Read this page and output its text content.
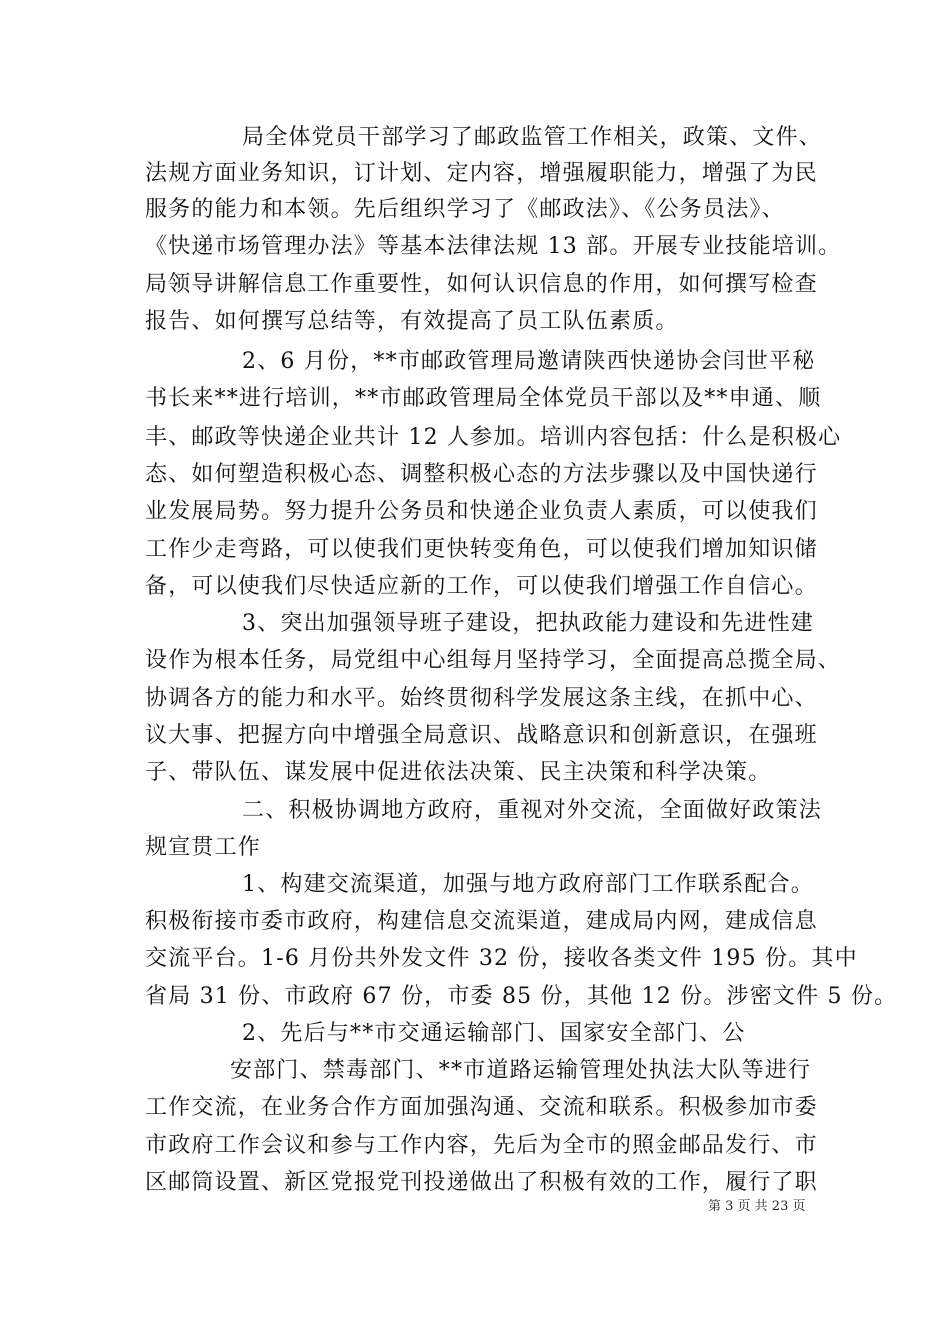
局全体党员干部学习了邮政监管工作相关，政策、文件、
法规方面业务知识，订计划、定内容，增强履职能力，增强了为民
服务的能力和本领。先后组织学习了《邮政法》、《公务员法》、
《快递市场管理办法》等基本法律法规 13 部。开展专业技能培训。
局领导讲解信息工作重要性，如何认识信息的作用，如何撰写检查
报告、如何撰写总结等，有效提高了员工队伍素质。
2、6 月份，**市邮政管理局邀请陕西快递协会闫世平秘
书长来**进行培训，**市邮政管理局全体党员干部以及**申通、顺
丰、邮政等快递企业共计 12 人参加。培训内容包括：什么是积极心
态、如何塑造积极心态、调整积极心态的方法步骤以及中国快递行
业发展局势。努力提升公务员和快递企业负责人素质，可以使我们
工作少走弯路，可以使我们更快转变角色，可以使我们增加知识储
备，可以使我们尽快适应新的工作，可以使我们增强工作自信心。
3、突出加强领导班子建设，把执政能力建设和先进性建
设作为根本任务，局党组中心组每月坚持学习，全面提高总揽全局、
协调各方的能力和水平。始终贯彻科学发展这条主线，在抓中心、
议大事、把握方向中增强全局意识、战略意识和创新意识，在强班
子、带队伍、谋发展中促进依法决策、民主决策和科学决策。
二、积极协调地方政府，重视对外交流，全面做好政策法
规宣贯工作
1、构建交流渠道，加强与地方政府部门工作联系配合。
积极衔接市委市政府，构建信息交流渠道，建成局内网，建成信息
交流平台。1-6 月份共外发文件 32 份，接收各类文件 195 份。其中
省局 31 份、市政府 67 份，市委 85 份，其他 12 份。涉密文件 5 份。
2、先后与**市交通运输部门、国家安全部门、公
安部门、禁毒部门、**市道路运输管理处执法大队等进行
工作交流，在业务合作方面加强沟通、交流和联系。积极参加市委
市政府工作会议和参与工作内容，先后为全市的照金邮品发行、市
区邮筒设置、新区党报党刊投递做出了积极有效的工作，履行了职
第 3 页 共 23 页
